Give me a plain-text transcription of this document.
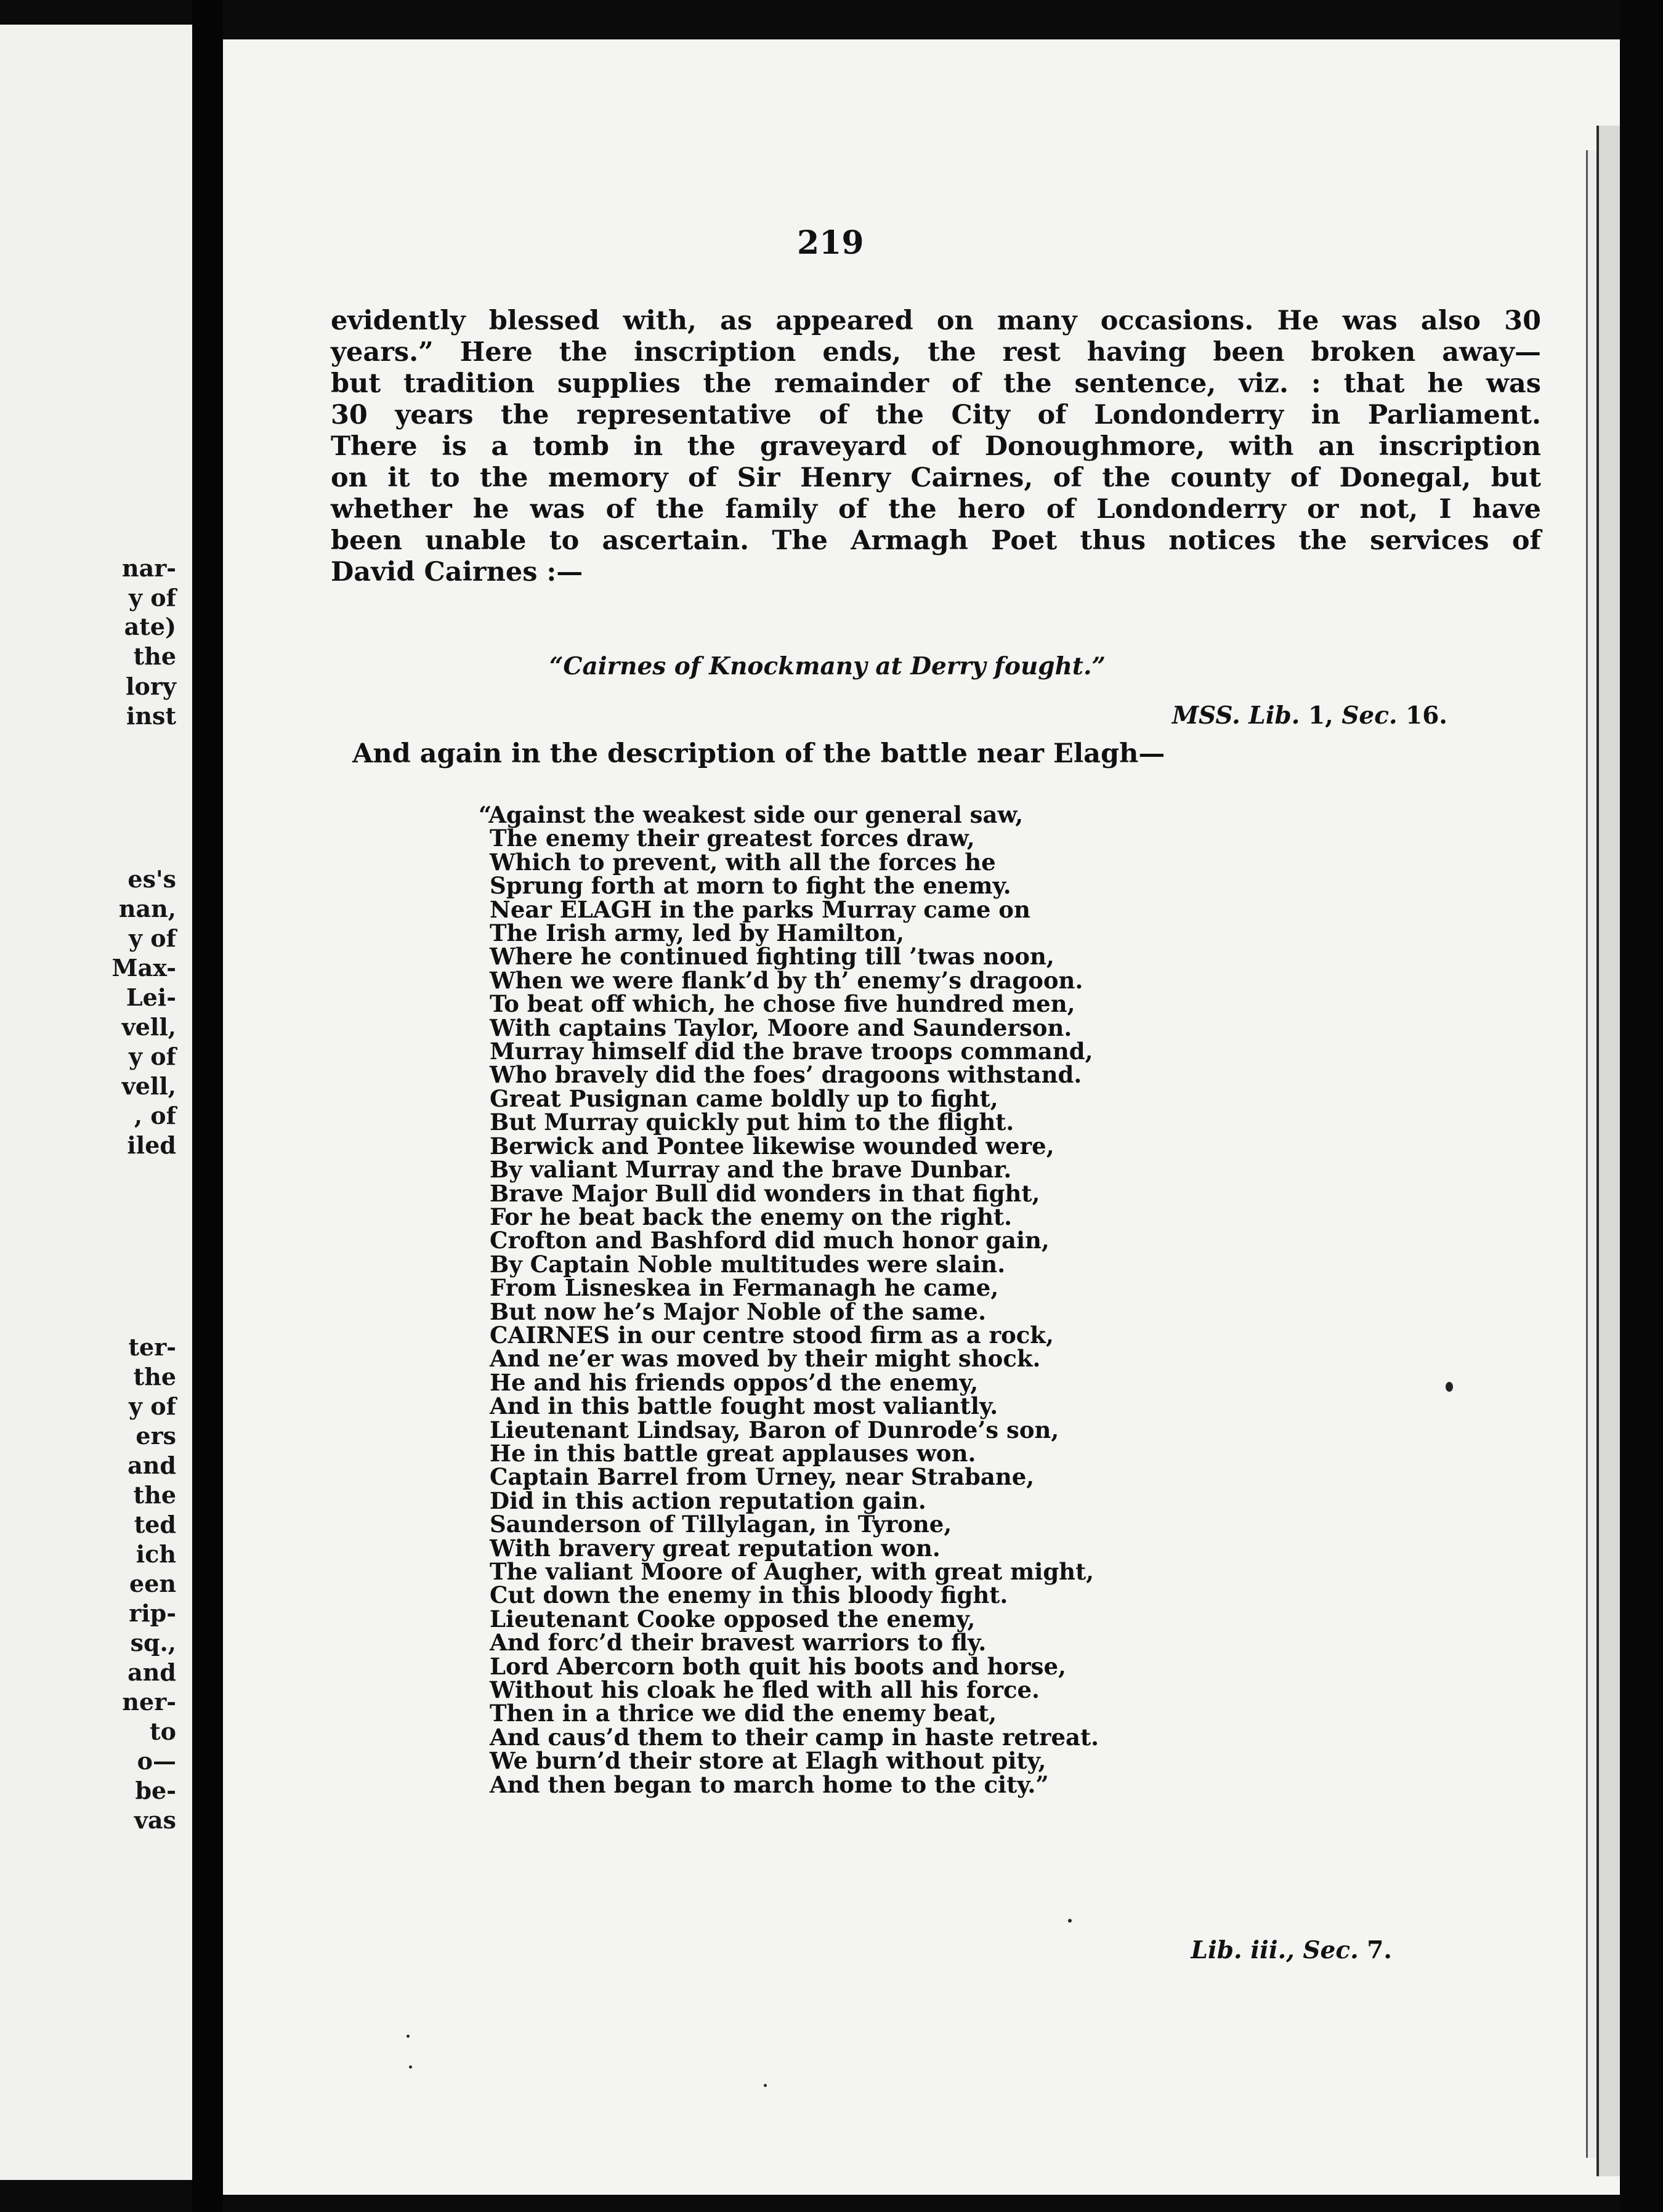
nar-
y of
ate)
the
lory
inst
es's
nan,
y of
Max-
Lei-
vell,
y of
vell,
, of
iled
ter-
the
y of
ers
and
the
ted
ich
een
rip-
sq.,
and
ner-
to
o—
be-
vas
219
evidently blessed with, as appeared on many occasions. He was also 30
years.” Here the inscription ends, the rest having been broken away—
but tradition supplies the remainder of the sentence, viz. : that he was
30 years the representative of the City of Londonderry in Parliament.
There is a tomb in the graveyard of Donoughmore, with an inscription
on it to the memory of Sir Henry Cairnes, of the county of Donegal, but
whether he was of the family of the hero of Londonderry or not, I have
been unable to ascertain. The Armagh Poet thus notices the services of
David Cairnes :—
“Cairnes of Knockmany at Derry fought.”
MSS. Lib. 1, Sec. 16.
And again in the description of the battle near Elagh—
“Against the weakest side our general saw,
The enemy their greatest forces draw,
Which to prevent, with all the forces he
Sprung forth at morn to fight the enemy.
Near ELAGH in the parks Murray came on
The Irish army, led by Hamilton,
Where he continued fighting till ’twas noon,
When we were flank’d by th’ enemy’s dragoon.
To beat off which, he chose five hundred men,
With captains Taylor, Moore and Saunderson.
Murray himself did the brave troops command,
Who bravely did the foes’ dragoons withstand.
Great Pusignan came boldly up to fight,
But Murray quickly put him to the flight.
Berwick and Pontee likewise wounded were,
By valiant Murray and the brave Dunbar.
Brave Major Bull did wonders in that fight,
For he beat back the enemy on the right.
Crofton and Bashford did much honor gain,
By Captain Noble multitudes were slain.
From Lisneskea in Fermanagh he came,
But now he’s Major Noble of the same.
CAIRNES in our centre stood firm as a rock,
And ne’er was moved by their might shock.
He and his friends oppos’d the enemy,
And in this battle fought most valiantly.
Lieutenant Lindsay, Baron of Dunrode’s son,
He in this battle great applauses won.
Captain Barrel from Urney, near Strabane,
Did in this action reputation gain.
Saunderson of Tillylagan, in Tyrone,
With bravery great reputation won.
The valiant Moore of Augher, with great might,
Cut down the enemy in this bloody fight.
Lieutenant Cooke opposed the enemy,
And forc’d their bravest warriors to fly.
Lord Abercorn both quit his boots and horse,
Without his cloak he fled with all his force.
Then in a thrice we did the enemy beat,
And caus’d them to their camp in haste retreat.
We burn’d their store at Elagh without pity,
And then began to march home to the city.”
Lib. iii., Sec. 7.
